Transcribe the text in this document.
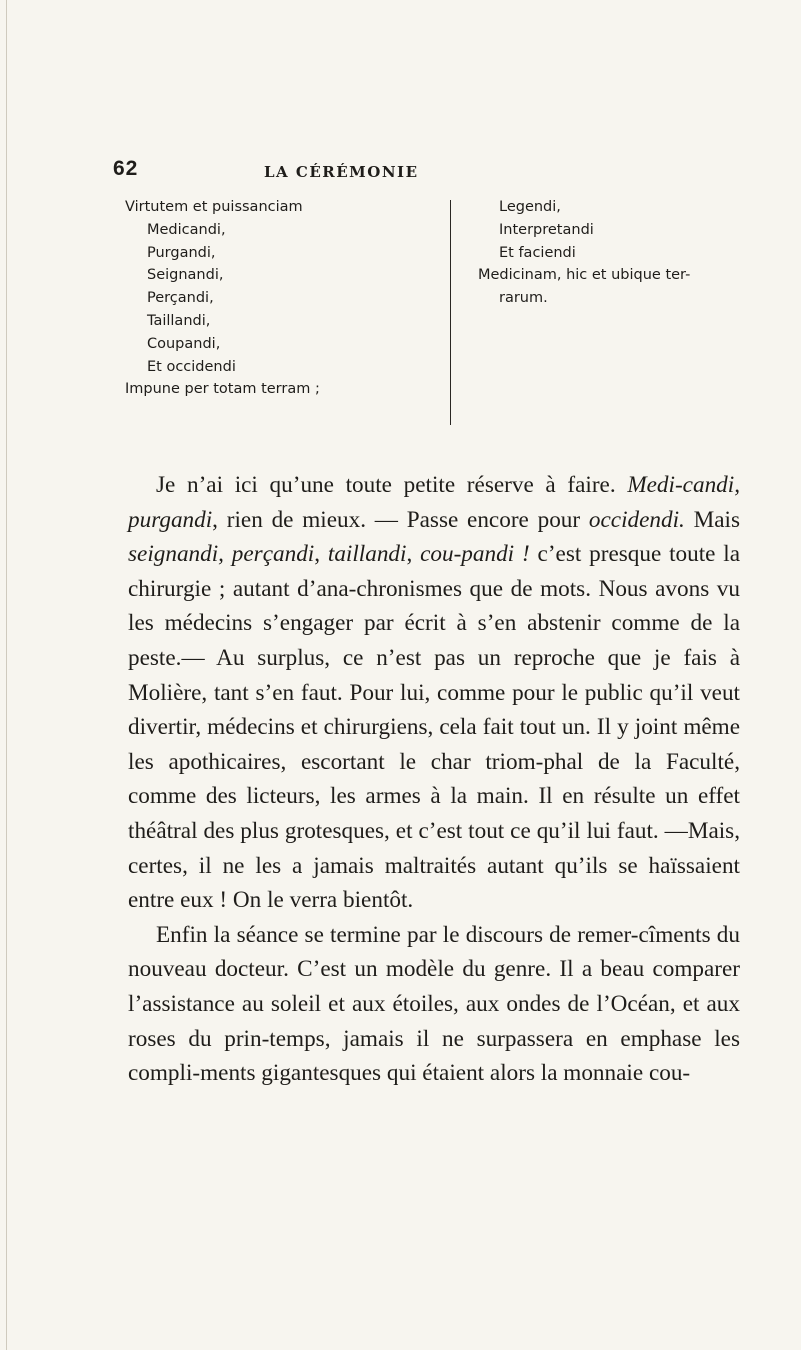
62	LA CÉRÉMONIE
Virtutem et puissanciam
Medicandi,
Purgandi,
Seignandi,
Perçandi,
Taillandi,
Coupandi,
Et occidendi
Impune per totam terram ;
Legendi,
Interpretandi
Et faciendi
Medicinam, hic et ubique ter-
rarum.

Je n’ai ici qu’une toute petite réserve à faire. Medi-candi, purgandi, rien de mieux. — Passe encore pour occidendi. Mais seignandi, perçandi, taillandi, cou-pandi ! c’est presque toute la chirurgie ; autant d’ana-chronismes que de mots. Nous avons vu les médecins s’engager par écrit à s’en abstenir comme de la peste.— Au surplus, ce n’est pas un reproche que je fais à Molière, tant s’en faut. Pour lui, comme pour le public qu’il veut divertir, médecins et chirurgiens, cela fait tout un. Il y joint même les apothicaires, escortant le char triom-phal de la Faculté, comme des licteurs, les armes à la main. Il en résulte un effet théâtral des plus grotesques, et c’est tout ce qu’il lui faut. —Mais, certes, il ne les a jamais maltraités autant qu’ils se haïssaient entre eux ! On le verra bientôt.

Enfin la séance se termine par le discours de remer-cîments du nouveau docteur. C’est un modèle du genre. Il a beau comparer l’assistance au soleil et aux étoiles, aux ondes de l’Océan, et aux roses du prin-temps, jamais il ne surpassera en emphase les compli-ments gigantesques qui étaient alors la monnaie cou-
